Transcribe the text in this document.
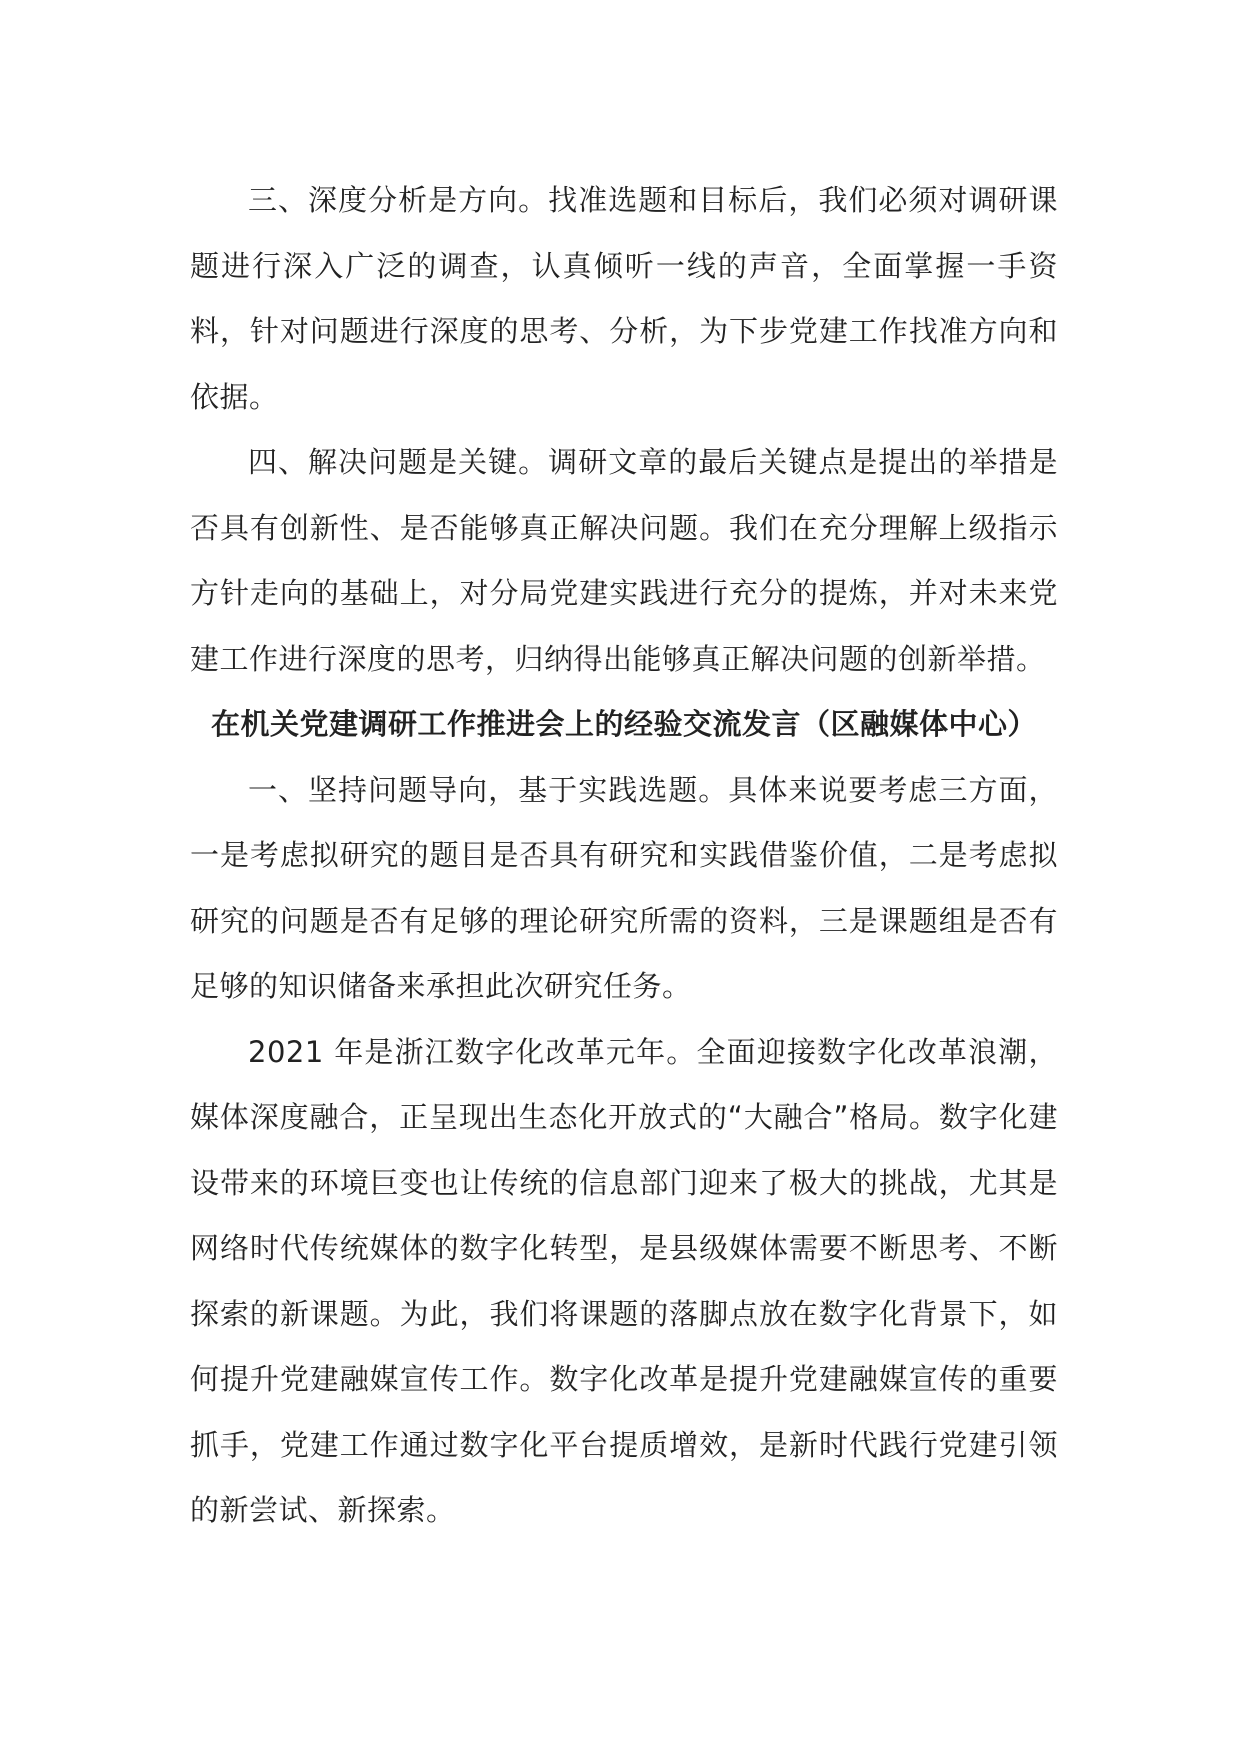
三、深度分析是方向。找准选题和目标后，我们必须对调研课题进行深入广泛的调查，认真倾听一线的声音，全面掌握一手资料，针对问题进行深度的思考、分析，为下步党建工作找准方向和依据。

四、解决问题是关键。调研文章的最后关键点是提出的举措是否具有创新性、是否能够真正解决问题。我们在充分理解上级指示方针走向的基础上，对分局党建实践进行充分的提炼，并对未来党建工作进行深度的思考，归纳得出能够真正解决问题的创新举措。

在机关党建调研工作推进会上的经验交流发言（区融媒体中心）

一、坚持问题导向，基于实践选题。具体来说要考虑三方面，一是考虑拟研究的题目是否具有研究和实践借鉴价值，二是考虑拟研究的问题是否有足够的理论研究所需的资料，三是课题组是否有足够的知识储备来承担此次研究任务。

2021 年是浙江数字化改革元年。全面迎接数字化改革浪潮，媒体深度融合，正呈现出生态化开放式的“大融合”格局。数字化建设带来的环境巨变也让传统的信息部门迎来了极大的挑战，尤其是网络时代传统媒体的数字化转型，是县级媒体需要不断思考、不断探索的新课题。为此，我们将课题的落脚点放在数字化背景下，如何提升党建融媒宣传工作。数字化改革是提升党建融媒宣传的重要抓手，党建工作通过数字化平台提质增效，是新时代践行党建引领的新尝试、新探索。
